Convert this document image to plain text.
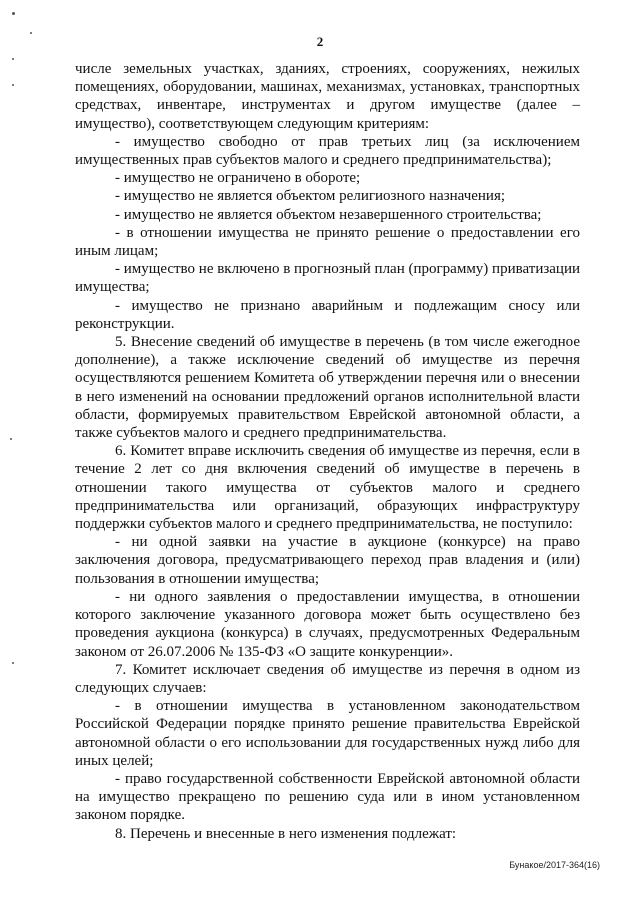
2

числе земельных участках, зданиях, строениях, сооружениях, нежилых помещениях, оборудовании, машинах, механизмах, установках, транспортных средствах, инвентаре, инструментах и другом имуществе (далее – имущество), соответствующем следующим критериям:

- имущество свободно от прав третьих лиц (за исключением имущественных прав субъектов малого и среднего предпринимательства);

- имущество не ограничено в обороте;

- имущество не является объектом религиозного назначения;

- имущество не является объектом незавершенного строительства;

- в отношении имущества не принято решение о предоставлении его иным лицам;

- имущество не включено в прогнозный план (программу) приватизации имущества;

- имущество не признано аварийным и подлежащим сносу или реконструкции.

5. Внесение сведений об имуществе в перечень (в том числе ежегодное дополнение), а также исключение сведений об имуществе из перечня осуществляются решением Комитета об утверждении перечня или о внесении в него изменений на основании предложений органов исполнительной власти области, формируемых правительством Еврейской автономной области, а также субъектов малого и среднего предпринимательства.

6. Комитет вправе исключить сведения об имуществе из перечня, если в течение 2 лет со дня включения сведений об имуществе в перечень в отношении такого имущества от субъектов малого и среднего предпринимательства или организаций, образующих инфраструктуру поддержки субъектов малого и среднего предпринимательства, не поступило:

- ни одной заявки на участие в аукционе (конкурсе) на право заключения договора, предусматривающего переход прав владения и (или) пользования в отношении имущества;

- ни одного заявления о предоставлении имущества, в отношении которого заключение указанного договора может быть осуществлено без проведения аукциона (конкурса) в случаях, предусмотренных Федеральным законом от 26.07.2006 № 135-ФЗ «О защите конкуренции».

7. Комитет исключает сведения об имуществе из перечня в одном из следующих случаев:

- в отношении имущества в установленном законодательством Российской Федерации порядке принято решение правительства Еврейской автономной области о его использовании для государственных нужд либо для иных целей;

- право государственной собственности Еврейской автономной области на имущество прекращено по решению суда или в ином установленном законом порядке.

8. Перечень и внесенные в него изменения подлежат:

Бунакое/2017-364(16)
